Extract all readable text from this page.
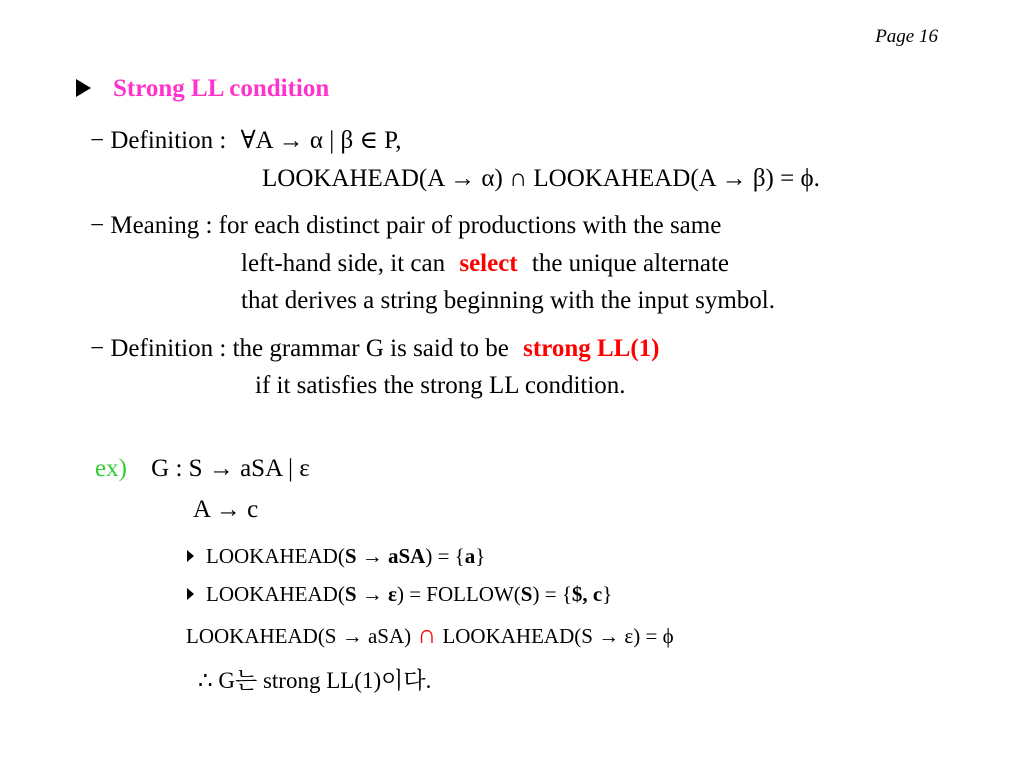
Page 16
Strong LL condition
− Definition : ∀A → α | β ∈ P,
LOOKAHEAD(A → α) ∩ LOOKAHEAD(A → β) = ϕ.
− Meaning : for each distinct pair of productions with the same
left-hand side, it can select the unique alternate
that derives a string beginning with the input symbol.
− Definition : the grammar G is said to be strong LL(1)
if it satisfies the strong LL condition.
ex) G : S → aSA | ε
A → c
LOOKAHEAD(S → aSA) = {a}
LOOKAHEAD(S → ε) = FOLLOW(S) = {$, c}
LOOKAHEAD(S → aSA) ∩ LOOKAHEAD(S → ε) = ϕ
∴ G는 strong LL(1)이다.
